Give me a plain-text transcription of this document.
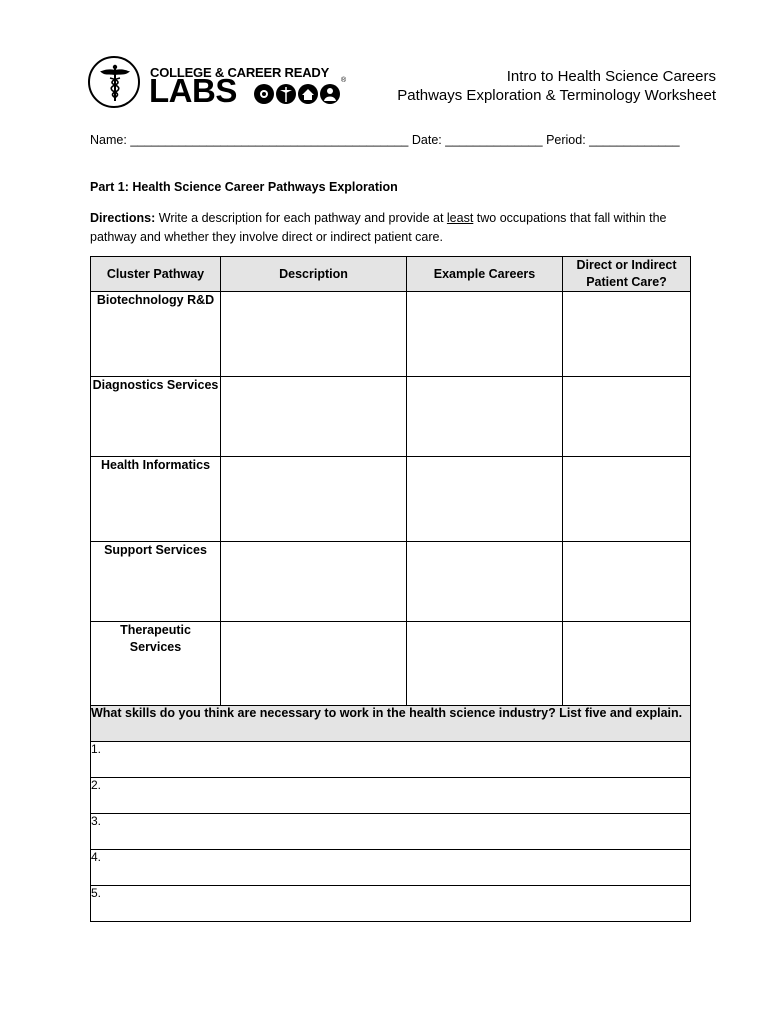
COLLEGE & CAREER READY
LABS	®	Intro to Health Science Careers
Pathways Exploration & Terminology Worksheet
Name: ________________________________________ Date: ______________ Period: _____________
Part 1: Health Science Career Pathways Exploration
Directions: Write a description for each pathway and provide at least two occupations that fall within the pathway and whether they involve direct or indirect patient care.
Cluster Pathway	Description	Example Careers	Direct or Indirect Patient Care?
Biotechnology R&D			
Diagnostics Services			
Health Informatics			
Support Services			
Therapeutic Services			
What skills do you think are necessary to work in the health science industry? List five and explain.			
1.			
2.			
3.			
4.			
5.			
